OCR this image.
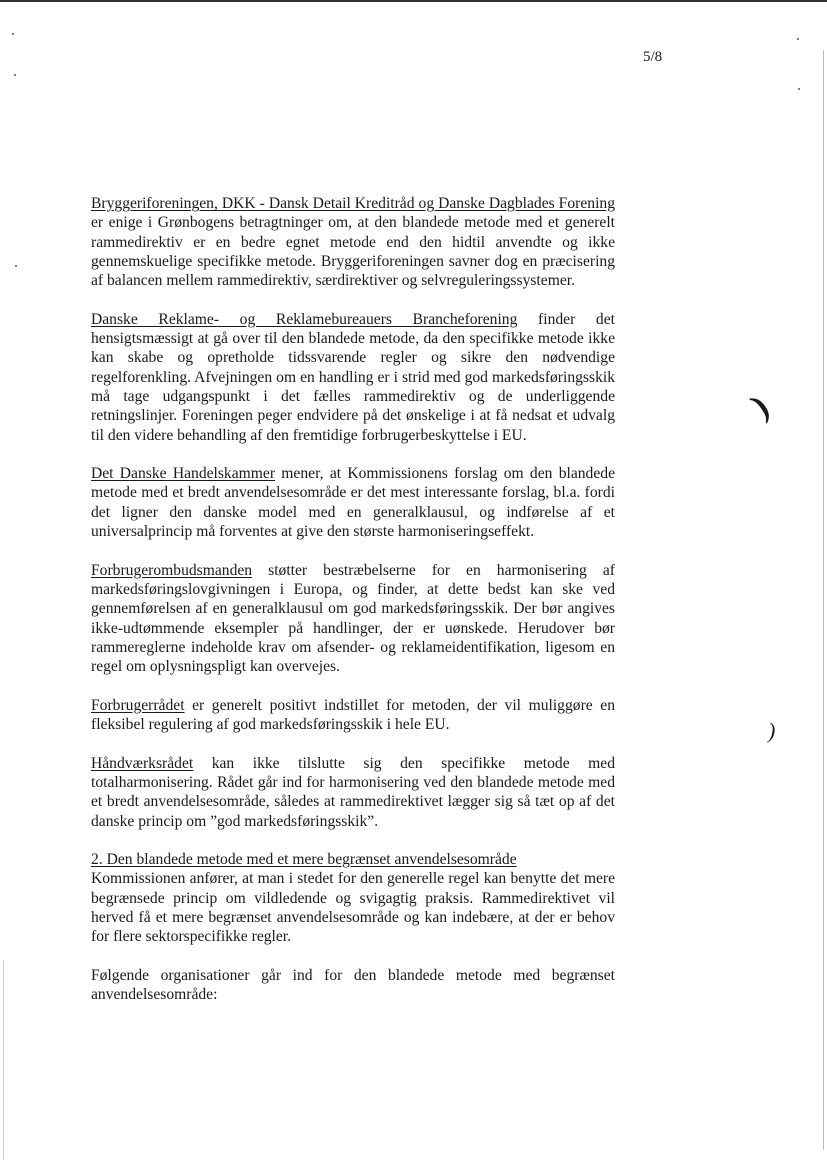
5/8

Bryggeriforeningen, DKK - Dansk Detail Kreditråd og Danske Dagblades Forening er enige i Grønbogens betragtninger om, at den blandede metode med et generelt rammedirektiv er en bedre egnet metode end den hidtil anvendte og ikke gennemskuelige specifikke metode. Bryggeriforeningen savner dog en præcisering af balancen mellem rammedirektiv, særdirektiver og selvreguleringssystemer.

Danske Reklame- og Reklamebureauers Brancheforening finder det hensigtsmæssigt at gå over til den blandede metode, da den specifikke metode ikke kan skabe og opretholde tidssvarende regler og sikre den nødvendige regelforenkling. Afvejningen om en handling er i strid med god markedsføringsskik må tage udgangspunkt i det fælles rammedirektiv og de underliggende retningslinjer. Foreningen peger endvidere på det ønskelige i at få nedsat et udvalg til den videre behandling af den fremtidige forbrugerbeskyttelse i EU.

Det Danske Handelskammer mener, at Kommissionens forslag om den blandede metode med et bredt anvendelsesområde er det mest interessante forslag, bl.a. fordi det ligner den danske model med en generalklausul, og indførelse af et universalprincip må forventes at give den største harmoniseringseffekt.

Forbrugerombudsmanden støtter bestræbelserne for en harmonisering af markedsføringslovgivningen i Europa, og finder, at dette bedst kan ske ved gennemførelsen af en generalklausul om god markedsføringsskik. Der bør angives ikke-udtømmende eksempler på handlinger, der er uønskede. Herudover bør rammereglerne indeholde krav om afsender- og reklameidentifikation, ligesom en regel om oplysningspligt kan overvejes.

Forbrugerrådet er generelt positivt indstillet for metoden, der vil muliggøre en fleksibel regulering af god markedsføringsskik i hele EU.

Håndværksrådet kan ikke tilslutte sig den specifikke metode med totalharmonisering. Rådet går ind for harmonisering ved den blandede metode med et bredt anvendelsesområde, således at rammedirektivet lægger sig så tæt op af det danske princip om ”god markedsføringsskik”.

2. Den blandede metode med et mere begrænset anvendelsesområde

Kommissionen anfører, at man i stedet for den generelle regel kan benytte det mere begrænsede princip om vildledende og svigagtig praksis. Rammedirektivet vil herved få et mere begrænset anvendelsesområde og kan indebære, at der er behov for flere sektorspecifikke regler.

Følgende organisationer går ind for den blandede metode med begrænset anvendelsesområde:

)
)
